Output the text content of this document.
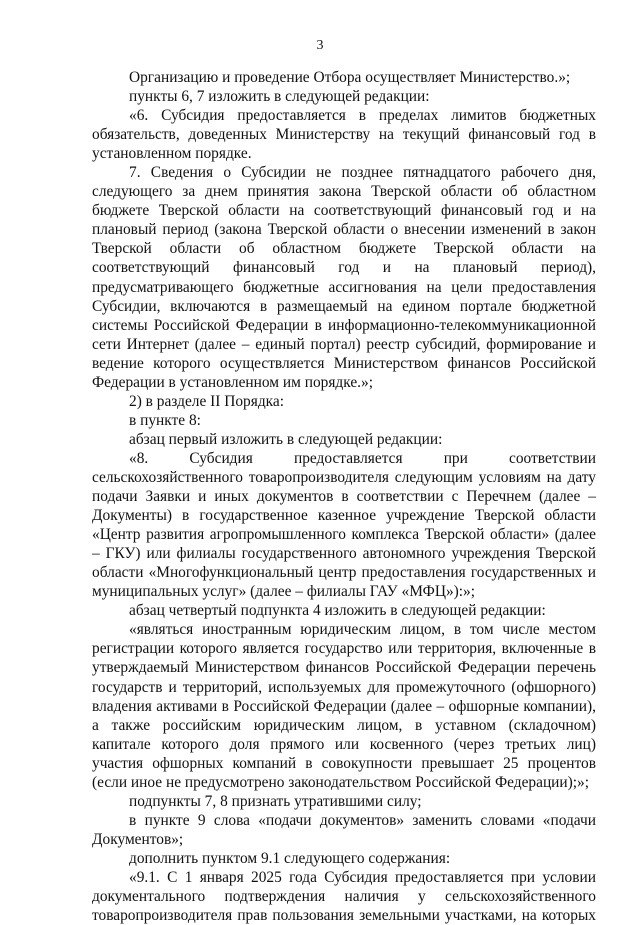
3

Организацию и проведение Отбора осуществляет Министерство.»;

пункты 6, 7 изложить в следующей редакции:

«6. Субсидия предоставляется в пределах лимитов бюджетных обязательств, доведенных Министерству на текущий финансовый год в установленном порядке.

7. Сведения о Субсидии не позднее пятнадцатого рабочего дня, следующего за днем принятия закона Тверской области об областном бюджете Тверской области на соответствующий финансовый год и на плановый период (закона Тверской области о внесении изменений в закон Тверской области об областном бюджете Тверской области на соответствующий финансовый год и на плановый период), предусматривающего бюджетные ассигнования на цели предоставления Субсидии, включаются в размещаемый на едином портале бюджетной системы Российской Федерации в информационно-телекоммуникационной сети Интернет (далее – единый портал) реестр субсидий, формирование и ведение которого осуществляется Министерством финансов Российской Федерации в установленном им порядке.»;

2) в разделе II Порядка:

в пункте 8:

абзац первый изложить в следующей редакции:

«8. Субсидия предоставляется при соответствии сельскохозяйственного товаропроизводителя следующим условиям на дату подачи Заявки и иных документов в соответствии с Перечнем (далее – Документы) в государственное казенное учреждение Тверской области «Центр развития агропромышленного комплекса Тверской области» (далее – ГКУ) или филиалы государственного автономного учреждения Тверской области «Многофункциональный центр предоставления государственных и муниципальных услуг» (далее – филиалы ГАУ «МФЦ»):»;

абзац четвертый подпункта 4 изложить в следующей редакции:

«являться иностранным юридическим лицом, в том числе местом регистрации которого является государство или территория, включенные в утверждаемый Министерством финансов Российской Федерации перечень государств и территорий, используемых для промежуточного (офшорного) владения активами в Российской Федерации (далее – офшорные компании), а также российским юридическим лицом, в уставном (складочном) капитале которого доля прямого или косвенного (через третьих лиц) участия офшорных компаний в совокупности превышает 25 процентов (если иное не предусмотрено законодательством Российской Федерации);»;

подпункты 7, 8 признать утратившими силу;

в пункте 9 слова «подачи документов» заменить словами «подачи Документов»;

дополнить пунктом 9.1 следующего содержания:

«9.1. С 1 января 2025 года Субсидия предоставляется при условии документального подтверждения наличия у сельскохозяйственного товаропроизводителя прав пользования земельными участками, на которых
